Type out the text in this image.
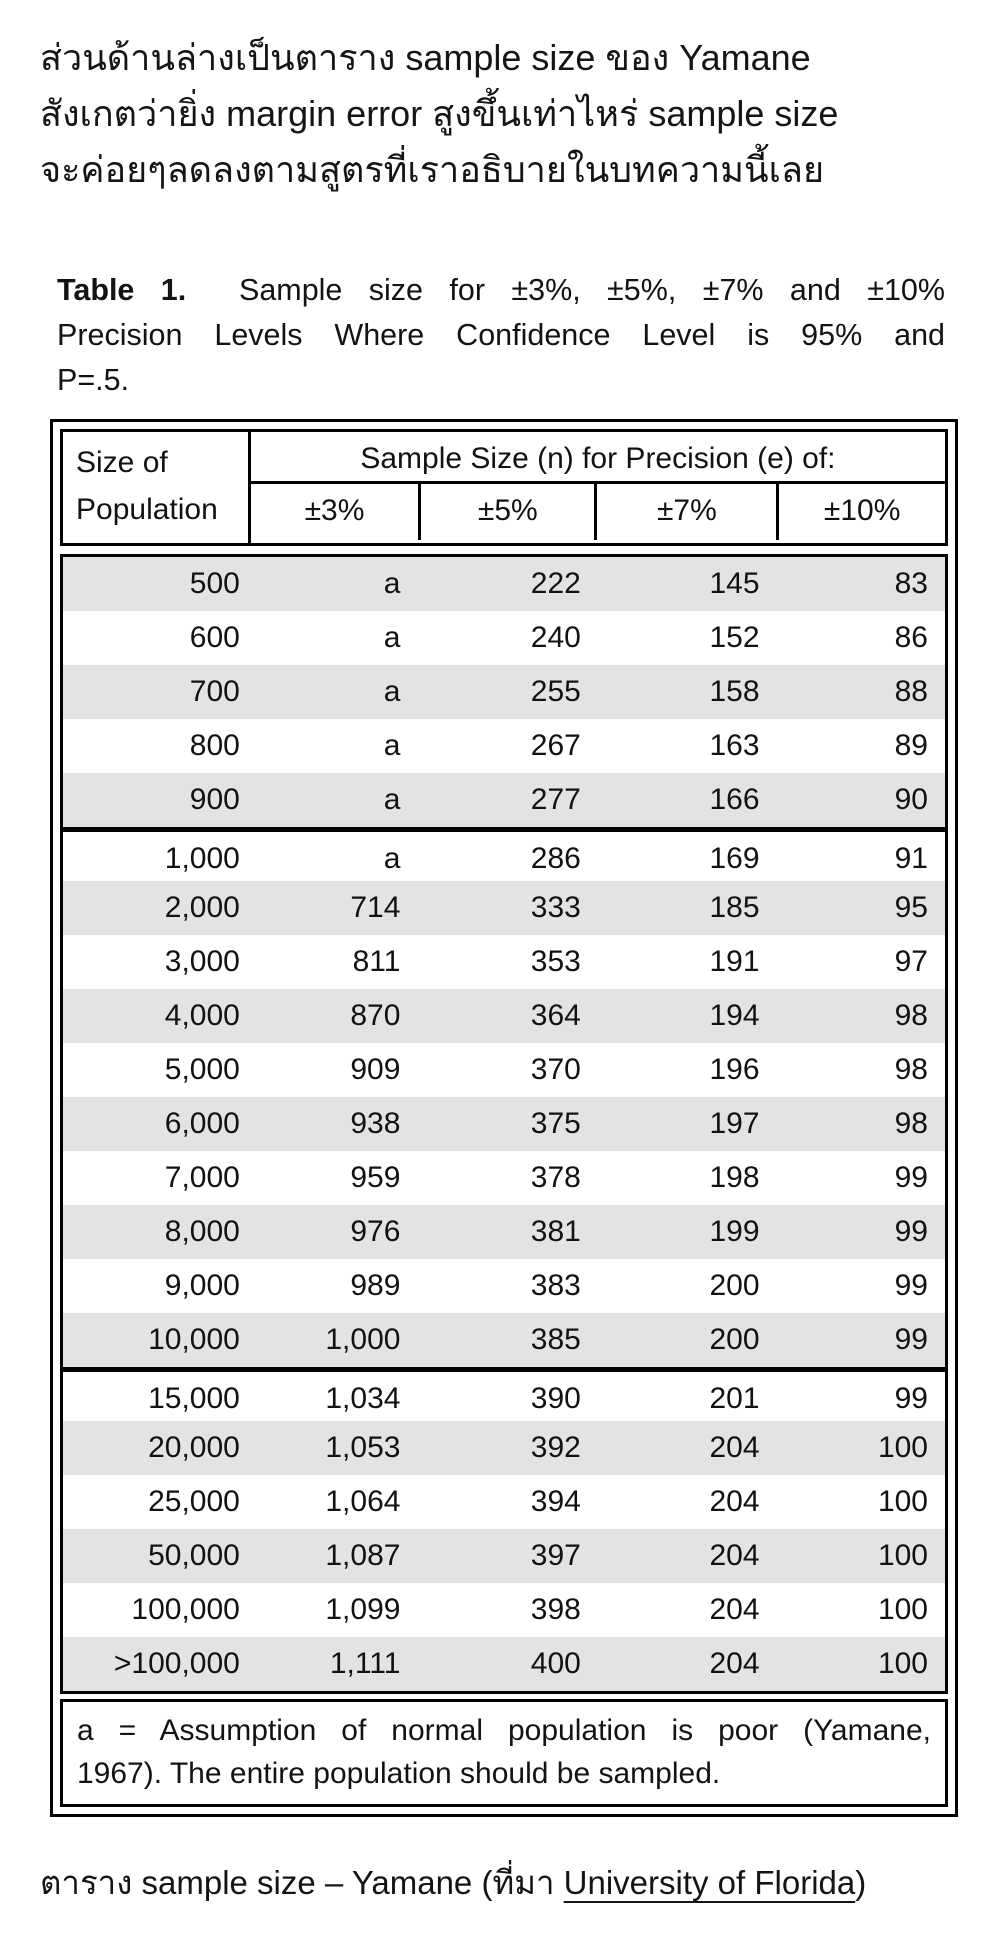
ส่วนด้านล่างเป็นตาราง sample size ของ Yamane
สังเกตว่ายิ่ง margin error สูงขึ้นเท่าไหร่ sample size
จะค่อยๆลดลงตามสูตรที่เราอธิบายในบทความนี้เลย
Table 1. Sample size for ±3%, ±5%, ±7% and ±10%
Precision Levels Where Confidence Level is 95% and
P=.5.
Size of
Population
Sample Size (n) for Precision (e) of:
±3%	±5%	±7%	±10%
500	a	222	145	83
600	a	240	152	86
700	a	255	158	88
800	a	267	163	89
900	a	277	166	90
1,000	a	286	169	91
2,000	714	333	185	95
3,000	811	353	191	97
4,000	870	364	194	98
5,000	909	370	196	98
6,000	938	375	197	98
7,000	959	378	198	99
8,000	976	381	199	99
9,000	989	383	200	99
10,000	1,000	385	200	99
15,000	1,034	390	201	99
20,000	1,053	392	204	100
25,000	1,064	394	204	100
50,000	1,087	397	204	100
100,000	1,099	398	204	100
>100,000	1,111	400	204	100
a = Assumption of normal population is poor (Yamane,
1967). The entire population should be sampled.
ตาราง sample size – Yamane (ที่มา University of Florida)
